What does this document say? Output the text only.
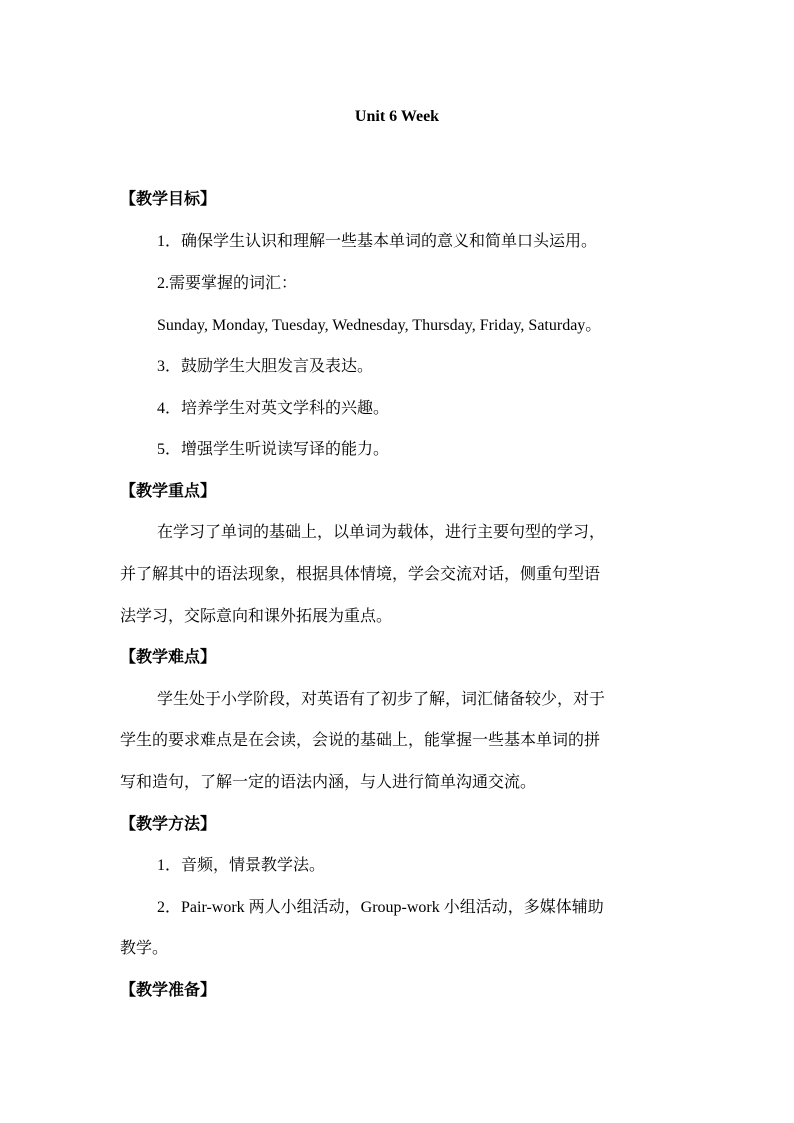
Unit 6 Week
【教学目标】
1．确保学生认识和理解一些基本单词的意义和简单口头运用。
2.需要掌握的词汇：
Sunday, Monday, Tuesday, Wednesday, Thursday, Friday, Saturday。
3．鼓励学生大胆发言及表达。
4．培养学生对英文学科的兴趣。
5．增强学生听说读写译的能力。
【教学重点】
在学习了单词的基础上，以单词为载体，进行主要句型的学习，
并了解其中的语法现象，根据具体情境，学会交流对话，侧重句型语
法学习，交际意向和课外拓展为重点。
【教学难点】
学生处于小学阶段，对英语有了初步了解，词汇储备较少，对于
学生的要求难点是在会读，会说的基础上，能掌握一些基本单词的拼
写和造句，了解一定的语法内涵，与人进行简单沟通交流。
【教学方法】
1．音频，情景教学法。
2．Pair-work 两人小组活动，Group-work 小组活动，多媒体辅助
教学。
【教学准备】
